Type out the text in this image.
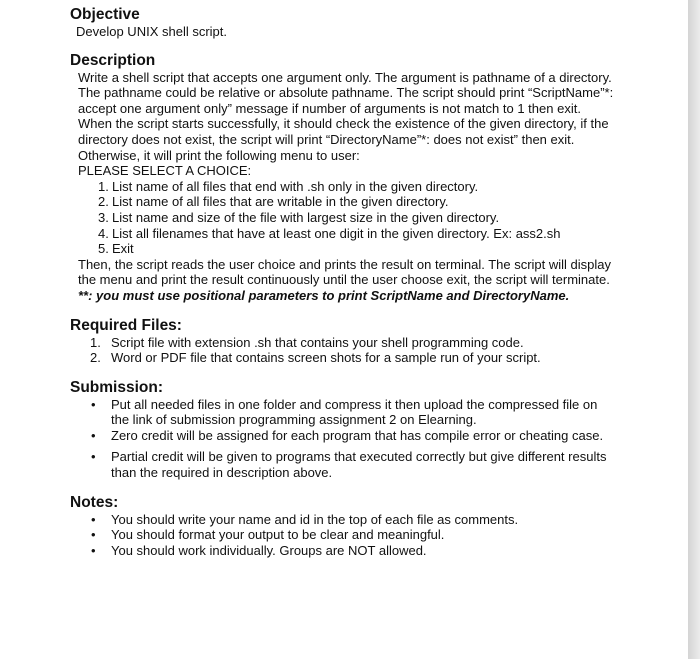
Objective
Develop UNIX shell script.
Description
Write a shell script that accepts one argument only. The argument is pathname of a directory. The pathname could be relative or absolute pathname. The script should print “ScriptName”*: accept one argument only” message if number of arguments is not match to 1 then exit. When the script starts successfully, it should check the existence of the given directory, if the directory does not exist, the script will print “DirectoryName”*: does not exist” then exit. Otherwise, it will print the following menu to user:
PLEASE SELECT A CHOICE:
1. List name of all files that end with .sh only in the given directory.
2. List name of all files that are writable in the given directory.
3. List name and size of the file with largest size in the given directory.
4. List all filenames that have at least one digit in the given directory. Ex: ass2.sh
5. Exit
Then, the script reads the user choice and prints the result on terminal. The script will display the menu and print the result continuously until the user choose exit, the script will terminate.
**: you must use positional parameters to print ScriptName and DirectoryName.
Required Files:
1. Script file with extension .sh that contains your shell programming code.
2. Word or PDF file that contains screen shots for a sample run of your script.
Submission:
• Put all needed files in one folder and compress it then upload the compressed file on the link of submission programming assignment 2 on Elearning.
• Zero credit will be assigned for each program that has compile error or cheating case.
• Partial credit will be given to programs that executed correctly but give different results than the required in description above.
Notes:
• You should write your name and id in the top of each file as comments.
• You should format your output to be clear and meaningful.
• You should work individually. Groups are NOT allowed.
